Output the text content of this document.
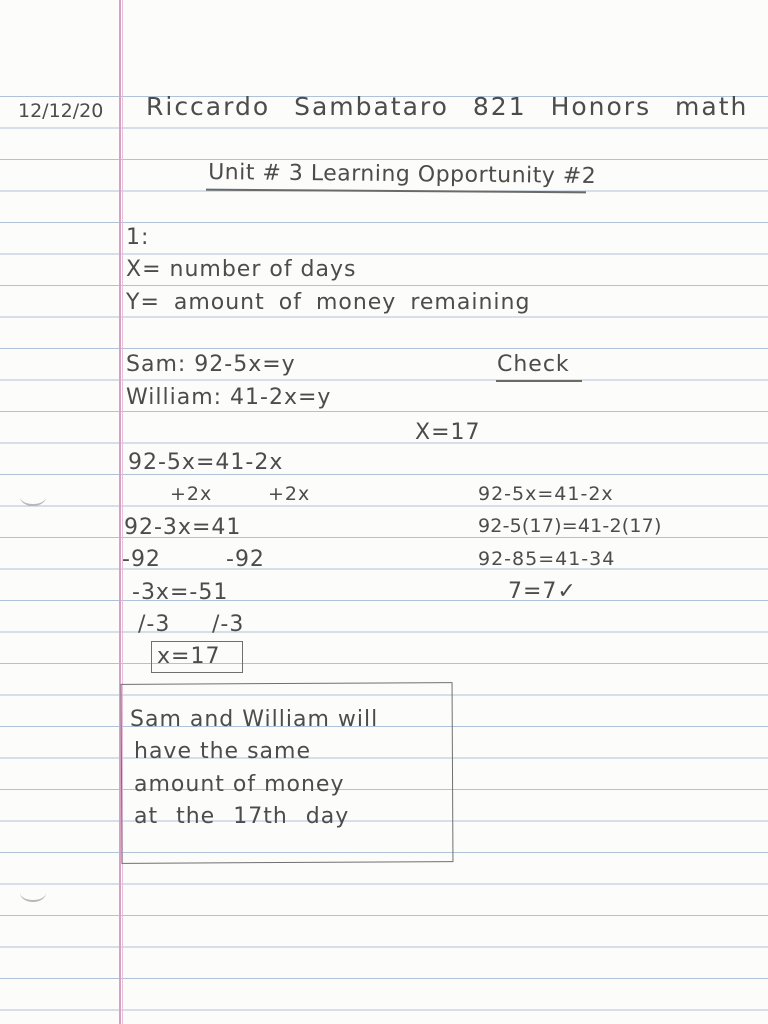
12/12/20 Riccardo Sambataro 821 Honors math
Unit # 3 Learning Opportunity #2
1:
X= number of days
Y= amount of money remaining
Sam: 92-5x=y
William: 41-2x=y
Check
X=17
92-5x=41-2x
+2x	+2x
92-3x=41
-92	-92
-3x=-51
/-3 /-3
x=17
92-5x=41-2x
92-5(17)=41-2(17)
92-85=41-34
7=7✓
Sam and William will
have the same
amount of money
at the 17th day
